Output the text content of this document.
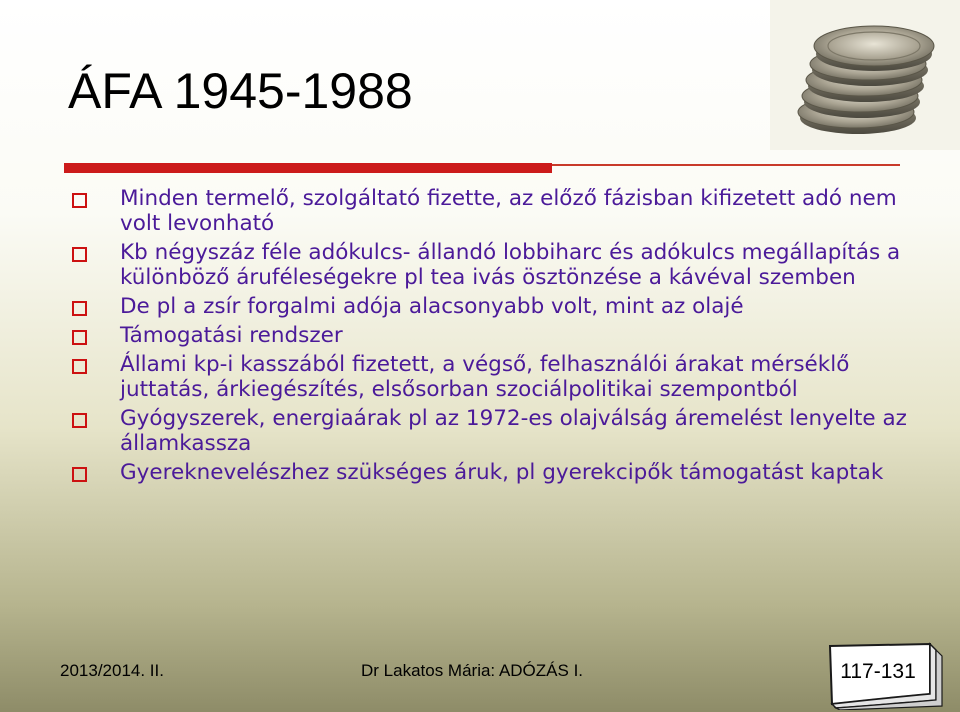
ÁFA 1945-1988
Minden termelő, szolgáltató fizette, az előző fázisban kifizetett adó nem volt levonható
Kb négyszáz féle adókulcs- állandó lobbiharc és adókulcs megállapítás a különböző áruféleségekre pl tea ivás ösztönzése a kávéval szemben
De pl a zsír forgalmi adója alacsonyabb volt, mint az olajé
Támogatási rendszer
Állami kp-i kasszából fizetett, a végső, felhasználói árakat mérséklő juttatás, árkiegészítés, elsősorban szociálpolitikai szempontból
Gyógyszerek, energiaárak pl az 1972-es olajválság áremelést lenyelte az államkassza
Gyereknevelészhez szükséges áruk, pl gyerekcipők támogatást kaptak
2013/2014. II.	Dr Lakatos Mária: ADÓZÁS I.	117-131
